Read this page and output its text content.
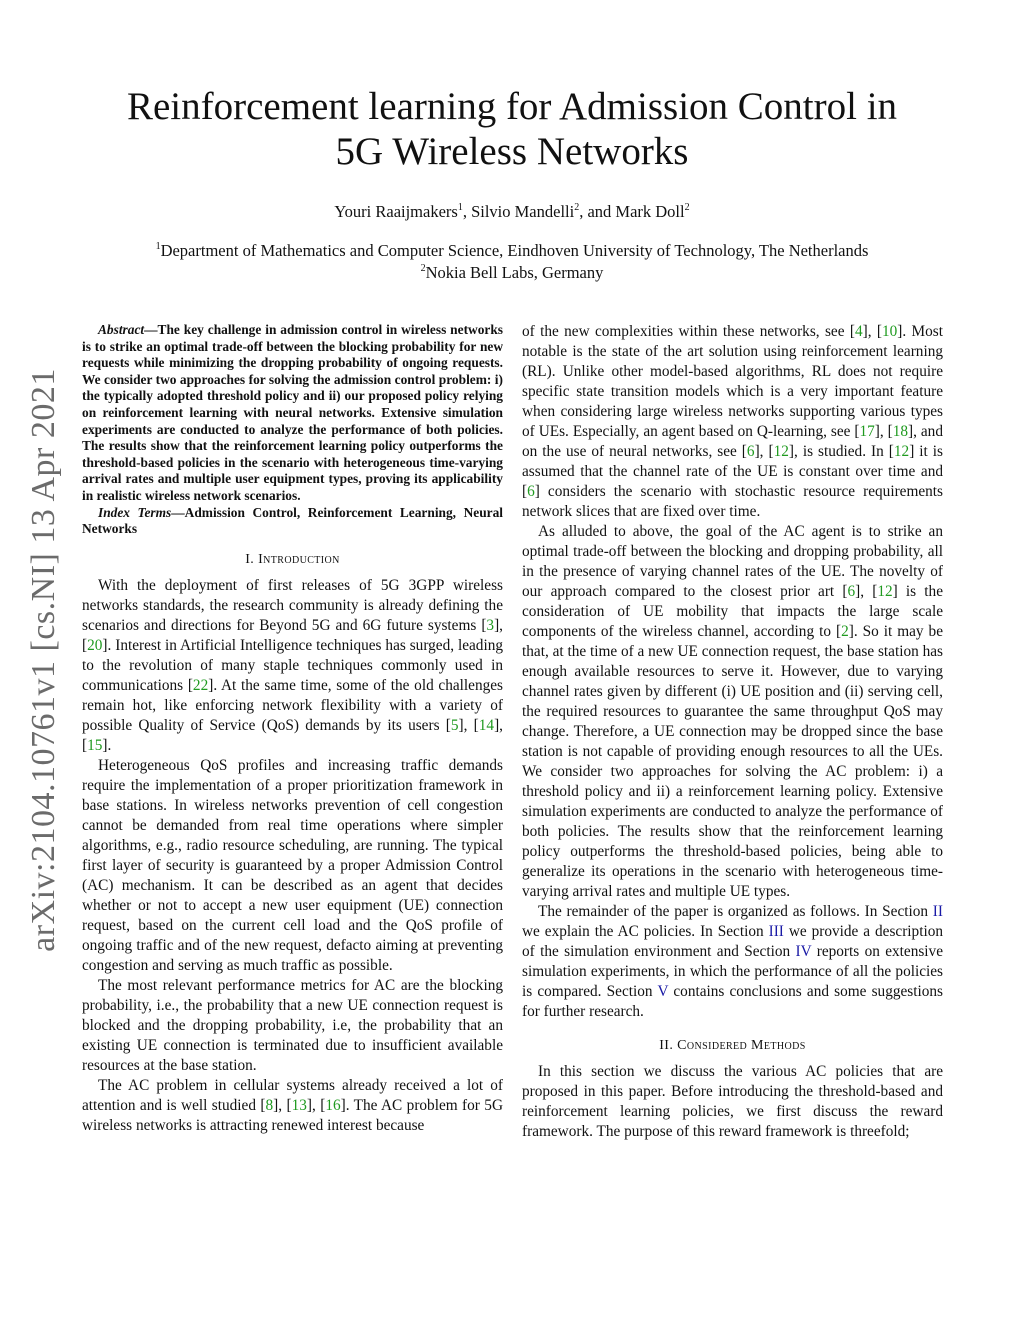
arXiv:2104.10761v1 [cs.NI] 13 Apr 2021
Reinforcement learning for Admission Control in
5G Wireless Networks
Youri Raaijmakers$^1$, Silvio Mandelli$^2$, and Mark Doll$^2$
$^1$Department of Mathematics and Computer Science, Eindhoven University of Technology, The Netherlands
$^2$Nokia Bell Labs, Germany

Abstract—The key challenge in admission control in wireless networks is to strike an optimal trade-off between the blocking probability for new requests while minimizing the dropping probability of ongoing requests. We consider two approaches for solving the admission control problem: i) the typically adopted threshold policy and ii) our proposed policy relying on reinforcement learning with neural networks. Extensive simulation experiments are conducted to analyze the performance of both policies. The results show that the reinforcement learning policy outperforms the threshold-based policies in the scenario with heterogeneous time-varying arrival rates and multiple user equipment types, proving its applicability in realistic wireless network scenarios.

Index Terms—Admission Control, Reinforcement Learning, Neural Networks

I. Introduction

With the deployment of first releases of 5G 3GPP wireless networks standards, the research community is already defining the scenarios and directions for Beyond 5G and 6G future systems [3], [20]. Interest in Artificial Intelligence techniques has surged, leading to the revolution of many staple techniques commonly used in communications [22]. At the same time, some of the old challenges remain hot, like enforcing network flexibility with a variety of possible Quality of Service (QoS) demands by its users [5], [14], [15].

Heterogeneous QoS profiles and increasing traffic demands require the implementation of a proper prioritization framework in base stations. In wireless networks prevention of cell congestion cannot be demanded from real time operations where simpler algorithms, e.g., radio resource scheduling, are running. The typical first layer of security is guaranteed by a proper Admission Control (AC) mechanism. It can be described as an agent that decides whether or not to accept a new user equipment (UE) connection request, based on the current cell load and the QoS profile of ongoing traffic and of the new request, defacto aiming at preventing congestion and serving as much traffic as possible.

The most relevant performance metrics for AC are the blocking probability, i.e., the probability that a new UE connection request is blocked and the dropping probability, i.e, the probability that an existing UE connection is terminated due to insufficient available resources at the base station.

The AC problem in cellular systems already received a lot of attention and is well studied [8], [13], [16]. The AC problem for 5G wireless networks is attracting renewed interest because

of the new complexities within these networks, see [4], [10]. Most notable is the state of the art solution using reinforcement learning (RL). Unlike other model-based algorithms, RL does not require specific state transition models which is a very important feature when considering large wireless networks supporting various types of UEs. Especially, an agent based on Q-learning, see [17], [18], and on the use of neural networks, see [6], [12], is studied. In [12] it is assumed that the channel rate of the UE is constant over time and [6] considers the scenario with stochastic resource requirements network slices that are fixed over time.

As alluded to above, the goal of the AC agent is to strike an optimal trade-off between the blocking and dropping probability, all in the presence of varying channel rates of the UE. The novelty of our approach compared to the closest prior art [6], [12] is the consideration of UE mobility that impacts the large scale components of the wireless channel, according to [2]. So it may be that, at the time of a new UE connection request, the base station has enough available resources to serve it. However, due to varying channel rates given by different (i) UE position and (ii) serving cell, the required resources to guarantee the same throughput QoS may change. Therefore, a UE connection may be dropped since the base station is not capable of providing enough resources to all the UEs. We consider two approaches for solving the AC problem: i) a threshold policy and ii) a reinforcement learning policy. Extensive simulation experiments are conducted to analyze the performance of both policies. The results show that the reinforcement learning policy outperforms the threshold-based policies, being able to generalize its operations in the scenario with heterogeneous time-varying arrival rates and multiple UE types.

The remainder of the paper is organized as follows. In Section II we explain the AC policies. In Section III we provide a description of the simulation environment and Section IV reports on extensive simulation experiments, in which the performance of all the policies is compared. Section V contains conclusions and some suggestions for further research.

II. Considered Methods

In this section we discuss the various AC policies that are proposed in this paper. Before introducing the threshold-based and reinforcement learning policies, we first discuss the reward framework. The purpose of this reward framework is threefold;
